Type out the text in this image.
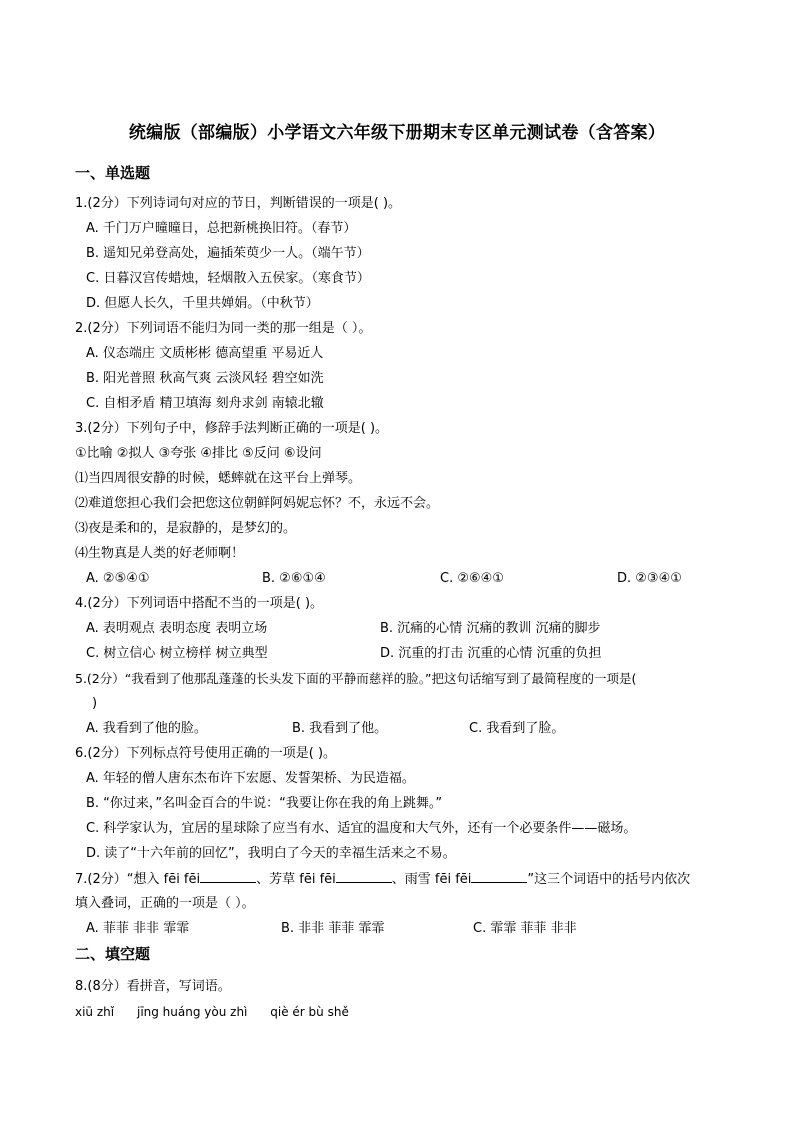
统编版（部编版）小学语文六年级下册期末专区单元测试卷（含答案）
一、单选题
1.(2分）下列诗词句对应的节日，判断错误的一项是( )。
A. 千门万户曈曈日，总把新桃换旧符。（春节）
B. 遥知兄弟登高处，遍插茱萸少一人。（端午节）
C. 日暮汉宫传蜡烛，轻烟散入五侯家。（寒食节）
D. 但愿人长久，千里共婵娟。（中秋节）
2.(2分）下列词语不能归为同一类的那一组是（ ）。
A. 仪态端庄 文质彬彬 德高望重 平易近人
B. 阳光普照 秋高气爽 云淡风轻 碧空如洗
C. 自相矛盾 精卫填海 刻舟求剑 南辕北辙
3.(2分）下列句子中，修辞手法判断正确的一项是( )。
①比喻 ②拟人 ③夸张 ④排比 ⑤反问 ⑥设问
⑴当四周很安静的时候，蟋蟀就在这平台上弹琴。
⑵难道您担心我们会把您这位朝鲜阿妈妮忘怀？不，永远不会。
⑶夜是柔和的，是寂静的，是梦幻的。
⑷生物真是人类的好老师啊！
A. ②⑤④①	B. ②⑥①④	C. ②⑥④①	D. ②③④①
4.(2分）下列词语中搭配不当的一项是( )。
A. 表明观点 表明态度 表明立场	B. 沉痛的心情 沉痛的教训 沉痛的脚步
C. 树立信心 树立榜样 树立典型	D. 沉重的打击 沉重的心情 沉重的负担
5.(2分）“我看到了他那乱蓬蓬的长头发下面的平静而慈祥的脸。”把这句话缩写到了最简程度的一项是(
)
A. 我看到了他的脸。	B. 我看到了他。	C. 我看到了脸。
6.(2分）下列标点符号使用正确的一项是( )。
A. 年轻的僧人唐东杰布许下宏愿、发誓架桥、为民造福。
B. “你过来，”名叫金百合的牛说：“我要让你在我的角上跳舞。”
C. 科学家认为，宜居的星球除了应当有水、适宜的温度和大气外，还有一个必要条件——磁场。
D. 读了“十六年前的回忆”，我明白了今天的幸福生活来之不易。
7.(2分）“想入 fēi fēi	、芳草 fēi fēi	、雨雪 fēi fēi	”这三个词语中的括号内依次
填入叠词，正确的一项是（ ）。
A. 菲菲 非非 霏霏	B. 非非 菲菲 霏霏	C. 霏霏 菲菲 非非
二、填空题
8.(8分）看拼音，写词语。
xiū zhǐ      jīng huáng yòu zhì      qiè ér bù shě
